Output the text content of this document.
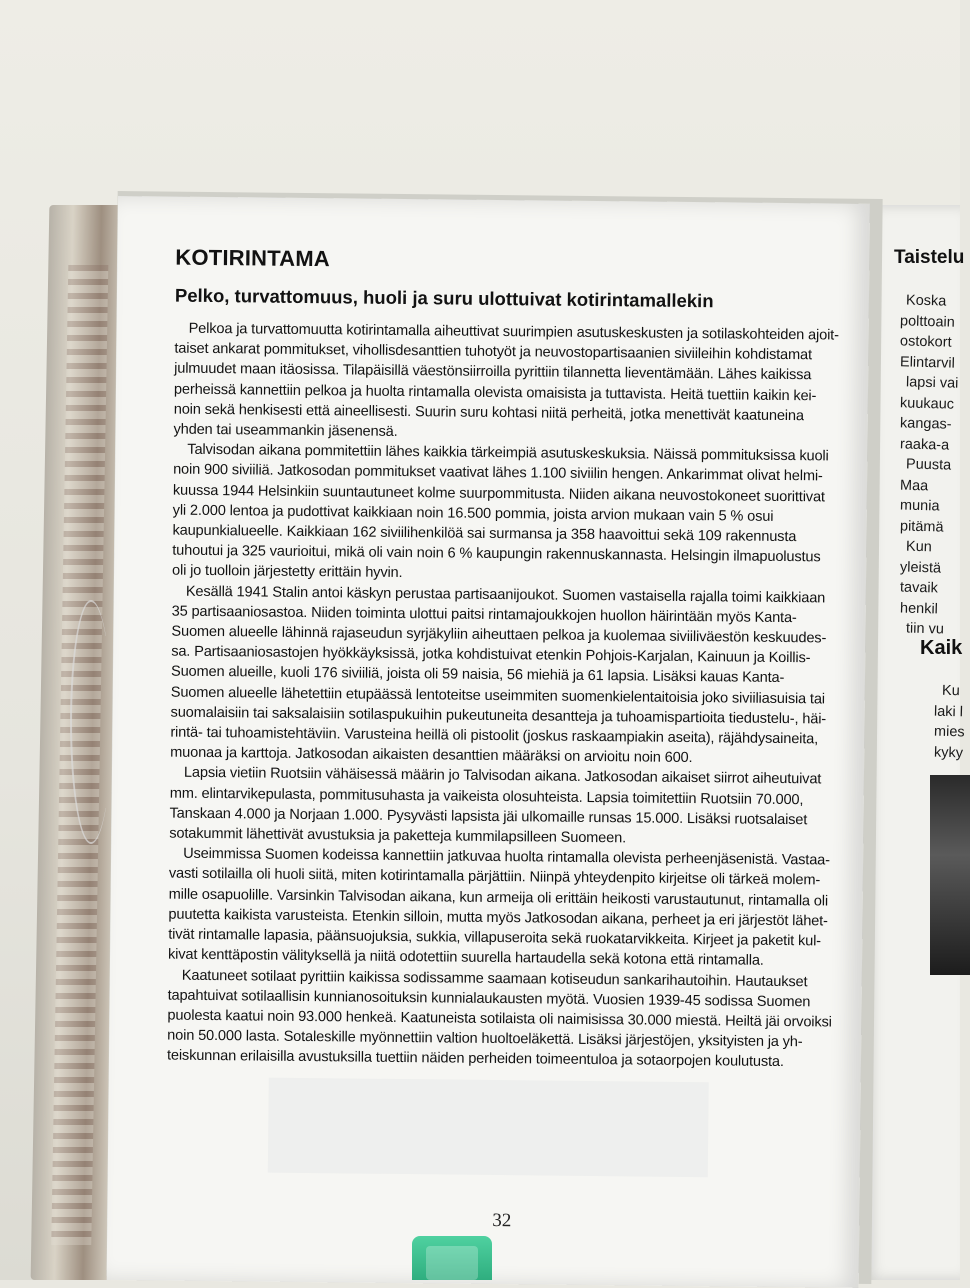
Taistelu
Koska
polttoain
ostokort
Elintarvil
lapsi vai
kuukauc
kangas-
raaka-a
Puusta
Maa
munia
pitämä
Kun
yleistä
tavaik
henkil
tiin vu
Kaik
Ku
laki l
mies
kyky
KOTIRINTAMA
Pelko, turvattomuus, huoli ja suru ulottuivat kotirintamallekin
Pelkoa ja turvattomuutta kotirintamalla aiheuttivat suurimpien asutuskeskusten ja sotilaskohteiden ajoit-
taiset ankarat pommitukset, vihollisdesanttien tuhotyöt ja neuvostopartisaanien siviileihin kohdistamat
julmuudet maan itäosissa. Tilapäisillä väestönsiirroilla pyrittiin tilannetta lieventämään. Lähes kaikissa
perheissä kannettiin pelkoa ja huolta rintamalla olevista omaisista ja tuttavista. Heitä tuettiin kaikin kei-
noin sekä henkisesti että aineellisesti. Suurin suru kohtasi niitä perheitä, jotka menettivät kaatuneina
yhden tai useammankin jäsenensä.
Talvisodan aikana pommitettiin lähes kaikkia tärkeimpiä asutuskeskuksia. Näissä pommituksissa kuoli
noin 900 siviiliä. Jatkosodan pommitukset vaativat lähes 1.100 siviilin hengen. Ankarimmat olivat helmi-
kuussa 1944 Helsinkiin suuntautuneet kolme suurpommitusta. Niiden aikana neuvostokoneet suorittivat
yli 2.000 lentoa ja pudottivat kaikkiaan noin 16.500 pommia, joista arvion mukaan vain 5 % osui
kaupunkialueelle. Kaikkiaan 162 siviilihenkilöä sai surmansa ja 358 haavoittui sekä 109 rakennusta
tuhoutui ja 325 vaurioitui, mikä oli vain noin 6 % kaupungin rakennuskannasta. Helsingin ilmapuolustus
oli jo tuolloin järjestetty erittäin hyvin.
Kesällä 1941 Stalin antoi käskyn perustaa partisaanijoukot. Suomen vastaisella rajalla toimi kaikkiaan
35 partisaaniosastoa. Niiden toiminta ulottui paitsi rintamajoukkojen huollon häirintään myös Kanta-
Suomen alueelle lähinnä rajaseudun syrjäkyliin aiheuttaen pelkoa ja kuolemaa siviiliväestön keskuudes-
sa. Partisaaniosastojen hyökkäyksissä, jotka kohdistuivat etenkin Pohjois-Karjalan, Kainuun ja Koillis-
Suomen alueille, kuoli 176 siviiliä, joista oli 59 naisia, 56 miehiä ja 61 lapsia. Lisäksi kauas Kanta-
Suomen alueelle lähetettiin etupäässä lentoteitse useimmiten suomenkielentaitoisia joko siviiliasuisia tai
suomalaisiin tai saksalaisiin sotilaspukuihin pukeutuneita desantteja ja tuhoamispartioita tiedustelu-, häi-
rintä- tai tuhoamistehtäviin. Varusteina heillä oli pistoolit (joskus raskaampiakin aseita), räjähdysaineita,
muonaa ja karttoja. Jatkosodan aikaisten desanttien määräksi on arvioitu noin 600.
Lapsia vietiin Ruotsiin vähäisessä määrin jo Talvisodan aikana. Jatkosodan aikaiset siirrot aiheutuivat
mm. elintarvikepulasta, pommitusuhasta ja vaikeista olosuhteista. Lapsia toimitettiin Ruotsiin 70.000,
Tanskaan 4.000 ja Norjaan 1.000. Pysyvästi lapsista jäi ulkomaille runsas 15.000. Lisäksi ruotsalaiset
sotakummit lähettivät avustuksia ja paketteja kummilapsilleen Suomeen.
Useimmissa Suomen kodeissa kannettiin jatkuvaa huolta rintamalla olevista perheenjäsenistä. Vastaa-
vasti sotilailla oli huoli siitä, miten kotirintamalla pärjättiin. Niinpä yhteydenpito kirjeitse oli tärkeä molem-
mille osapuolille. Varsinkin Talvisodan aikana, kun armeija oli erittäin heikosti varustautunut, rintamalla oli
puutetta kaikista varusteista. Etenkin silloin, mutta myös Jatkosodan aikana, perheet ja eri järjestöt lähet-
tivät rintamalle lapasia, päänsuojuksia, sukkia, villapuseroita sekä ruokatarvikkeita. Kirjeet ja paketit kul-
kivat kenttäpostin välityksellä ja niitä odotettiin suurella hartaudella sekä kotona että rintamalla.
Kaatuneet sotilaat pyrittiin kaikissa sodissamme saamaan kotiseudun sankarihautoihin. Hautaukset
tapahtuivat sotilaallisin kunnianosoituksin kunnialaukausten myötä. Vuosien 1939-45 sodissa Suomen
puolesta kaatui noin 93.000 henkeä. Kaatuneista sotilaista oli naimisissa 30.000 miestä. Heiltä jäi orvoiksi
noin 50.000 lasta. Sotaleskille myönnettiin valtion huoltoeläkettä. Lisäksi järjestöjen, yksityisten ja yh-
teiskunnan erilaisilla avustuksilla tuettiin näiden perheiden toimeentuloa ja sotaorpojen koulutusta.
32
